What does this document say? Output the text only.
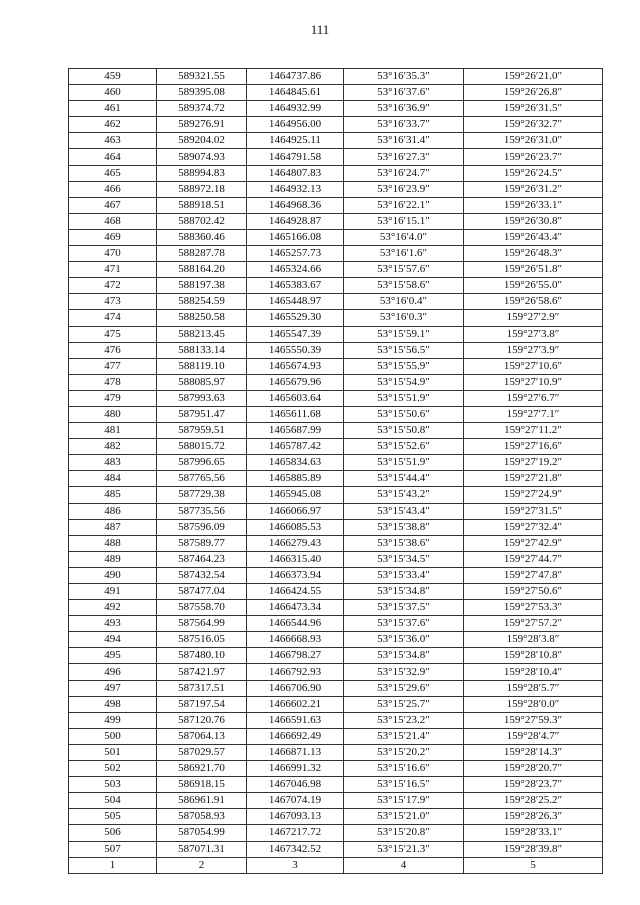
111
459	589321.55	1464737.86	53°16′35.3″	159°26′21.0″
460	589395.08	1464845.61	53°16′37.6″	159°26′26.8″
461	589374.72	1464932.99	53°16′36.9″	159°26′31.5″
462	589276.91	1464956.00	53°16′33.7″	159°26′32.7″
463	589204.02	1464925.11	53°16′31.4″	159°26′31.0″
464	589074.93	1464791.58	53°16′27.3″	159°26′23.7″
465	588994.83	1464807.83	53°16′24.7″	159°26′24.5″
466	588972.18	1464932.13	53°16′23.9″	159°26′31.2″
467	588918.51	1464968.36	53°16′22.1″	159°26′33.1″
468	588702.42	1464928.87	53°16′15.1″	159°26′30.8″
469	588360.46	1465166.08	53°16′4.0″	159°26′43.4″
470	588287.78	1465257.73	53°16′1.6″	159°26′48.3″
471	588164.20	1465324.66	53°15′57.6″	159°26′51.8″
472	588197.38	1465383.67	53°15′58.6″	159°26′55.0″
473	588254.59	1465448.97	53°16′0.4″	159°26′58.6″
474	588250.58	1465529.30	53°16′0.3″	159°27′2.9″
475	588213.45	1465547.39	53°15′59.1″	159°27′3.8″
476	588133.14	1465550.39	53°15′56.5″	159°27′3.9″
477	588119.10	1465674.93	53°15′55.9″	159°27′10.6″
478	588085.97	1465679.96	53°15′54.9″	159°27′10.9″
479	587993.63	1465603.64	53°15′51.9″	159°27′6.7″
480	587951.47	1465611.68	53°15′50.6″	159°27′7.1″
481	587959.51	1465687.99	53°15′50.8″	159°27′11.2″
482	588015.72	1465787.42	53°15′52.6″	159°27′16.6″
483	587996.65	1465834.63	53°15′51.9″	159°27′19.2″
484	587765.56	1465885.89	53°15′44.4″	159°27′21.8″
485	587729.38	1465945.08	53°15′43.2″	159°27′24.9″
486	587735.56	1466066.97	53°15′43.4″	159°27′31.5″
487	587596.09	1466085.53	53°15′38.8″	159°27′32.4″
488	587589.77	1466279.43	53°15′38.6″	159°27′42.9″
489	587464.23	1466315.40	53°15′34.5″	159°27′44.7″
490	587432.54	1466373.94	53°15′33.4″	159°27′47.8″
491	587477.04	1466424.55	53°15′34.8″	159°27′50.6″
492	587558.70	1466473.34	53°15′37.5″	159°27′53.3″
493	587564.99	1466544.96	53°15′37.6″	159°27′57.2″
494	587516.05	1466668.93	53°15′36.0″	159°28′3.8″
495	587480.10	1466798.27	53°15′34.8″	159°28′10.8″
496	587421.97	1466792.93	53°15′32.9″	159°28′10.4″
497	587317.51	1466706.90	53°15′29.6″	159°28′5.7″
498	587197.54	1466602.21	53°15′25.7″	159°28′0.0″
499	587120.76	1466591.63	53°15′23.2″	159°27′59.3″
500	587064.13	1466692.49	53°15′21.4″	159°28′4.7″
501	587029.57	1466871.13	53°15′20.2″	159°28′14.3″
502	586921.70	1466991.32	53°15′16.6″	159°28′20.7″
503	586918.15	1467046.98	53°15′16.5″	159°28′23.7″
504	586961.91	1467074.19	53°15′17.9″	159°28′25.2″
505	587058.93	1467093.13	53°15′21.0″	159°28′26.3″
506	587054.99	1467217.72	53°15′20.8″	159°28′33.1″
507	587071.31	1467342.52	53°15′21.3″	159°28′39.8″
1	2	3	4	5
